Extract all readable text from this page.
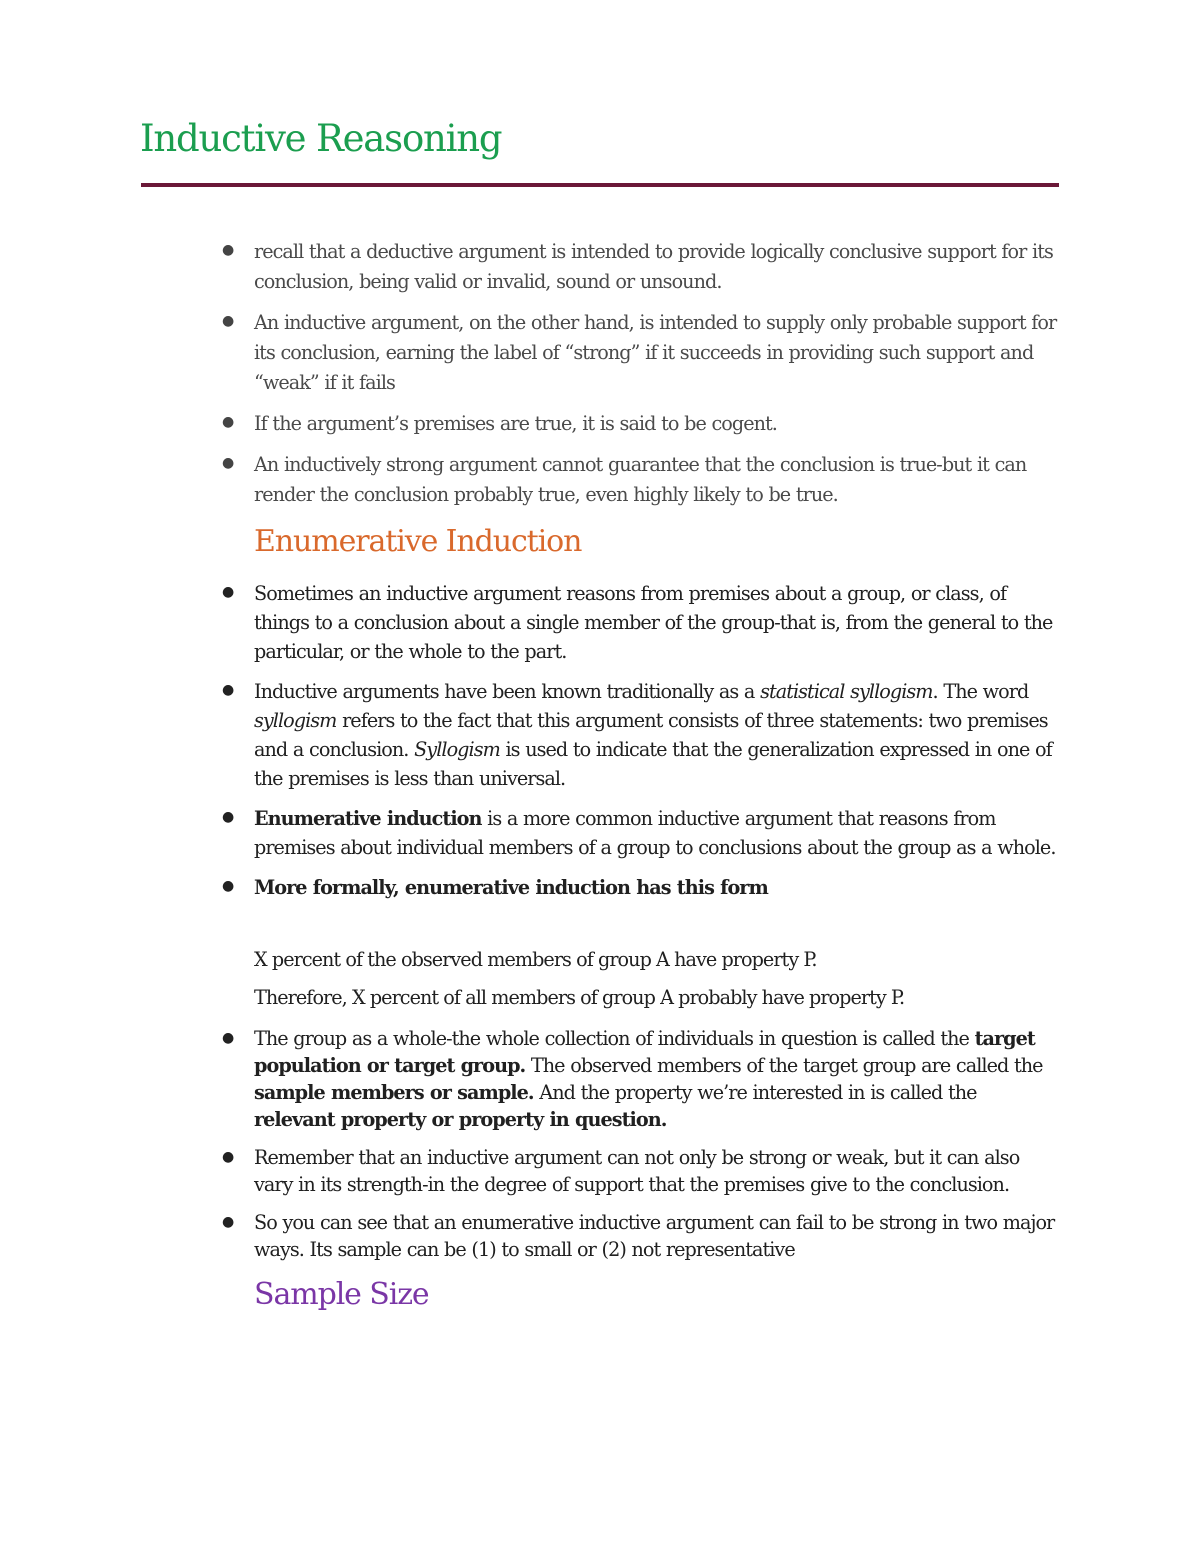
Inductive Reasoning
● recall that a deductive argument is intended to provide logically conclusive support for its conclusion, being valid or invalid, sound or unsound.
● An inductive argument, on the other hand, is intended to supply only probable support for its conclusion, earning the label of “strong” if it succeeds in providing such support and “weak” if it fails
● If the argument’s premises are true, it is said to be cogent.
● An inductively strong argument cannot guarantee that the conclusion is true-but it can render the conclusion probably true, even highly likely to be true.
Enumerative Induction
● Sometimes an inductive argument reasons from premises about a group, or class, of things to a conclusion about a single member of the group-that is, from the general to the particular, or the whole to the part.
● Inductive arguments have been known traditionally as a statistical syllogism. The word syllogism refers to the fact that this argument consists of three statements: two premises and a conclusion. Syllogism is used to indicate that the generalization expressed in one of the premises is less than universal.
● Enumerative induction is a more common inductive argument that reasons from premises about individual members of a group to conclusions about the group as a whole.
● More formally, enumerative induction has this form
X percent of the observed members of group A have property P.
Therefore, X percent of all members of group A probably have property P.
● The group as a whole-the whole collection of individuals in question is called the target population or target group. The observed members of the target group are called the sample members or sample. And the property we’re interested in is called the relevant property or property in question.
● Remember that an inductive argument can not only be strong or weak, but it can also vary in its strength-in the degree of support that the premises give to the conclusion.
● So you can see that an enumerative inductive argument can fail to be strong in two major ways. Its sample can be (1) to small or (2) not representative
Sample Size
